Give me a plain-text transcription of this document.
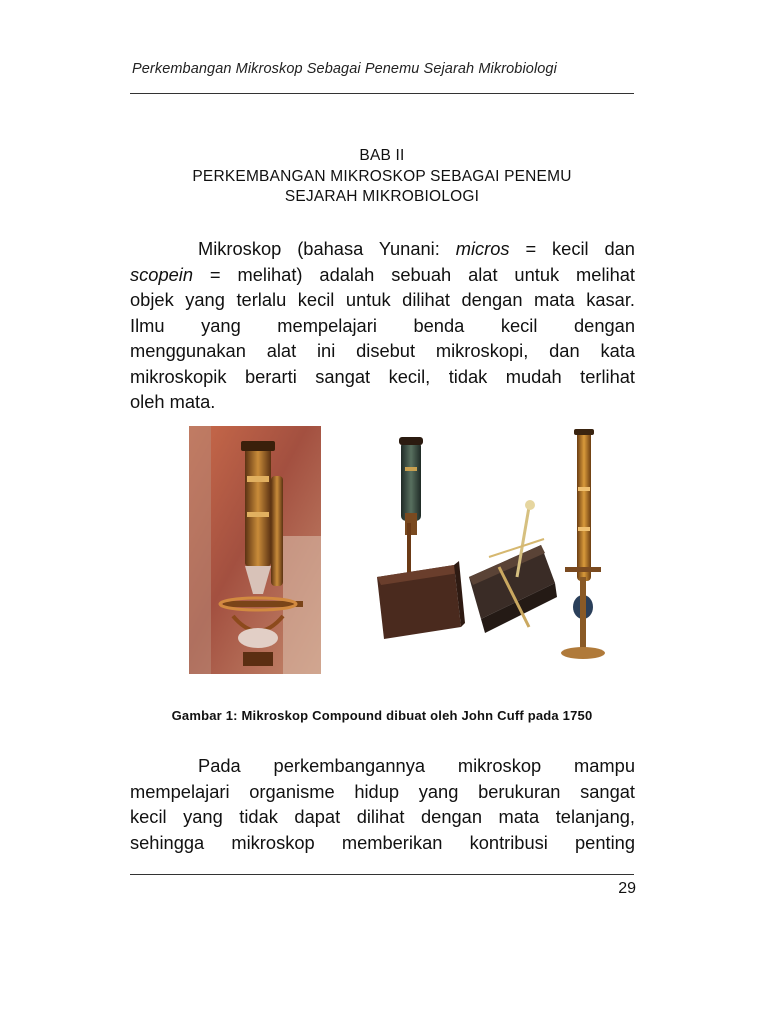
Perkembangan Mikroskop Sebagai Penemu Sejarah Mikrobiologi
BAB II
PERKEMBANGAN MIKROSKOP SEBAGAI PENEMU
SEJARAH MIKROBIOLOGI
Mikroskop (bahasa Yunani: micros = kecil dan
scopein = melihat) adalah sebuah alat untuk melihat
objek yang terlalu kecil untuk dilihat dengan mata kasar.
Ilmu yang mempelajari benda kecil dengan
menggunakan alat ini disebut mikroskopi, dan kata
mikroskopik berarti sangat kecil, tidak mudah terlihat
oleh mata.
Gambar 1: Mikroskop Compound dibuat oleh John Cuff pada 1750
Pada perkembangannya mikroskop mampu
mempelajari organisme hidup yang berukuran sangat
kecil yang tidak dapat dilihat dengan mata telanjang,
sehingga mikroskop memberikan kontribusi penting
29
